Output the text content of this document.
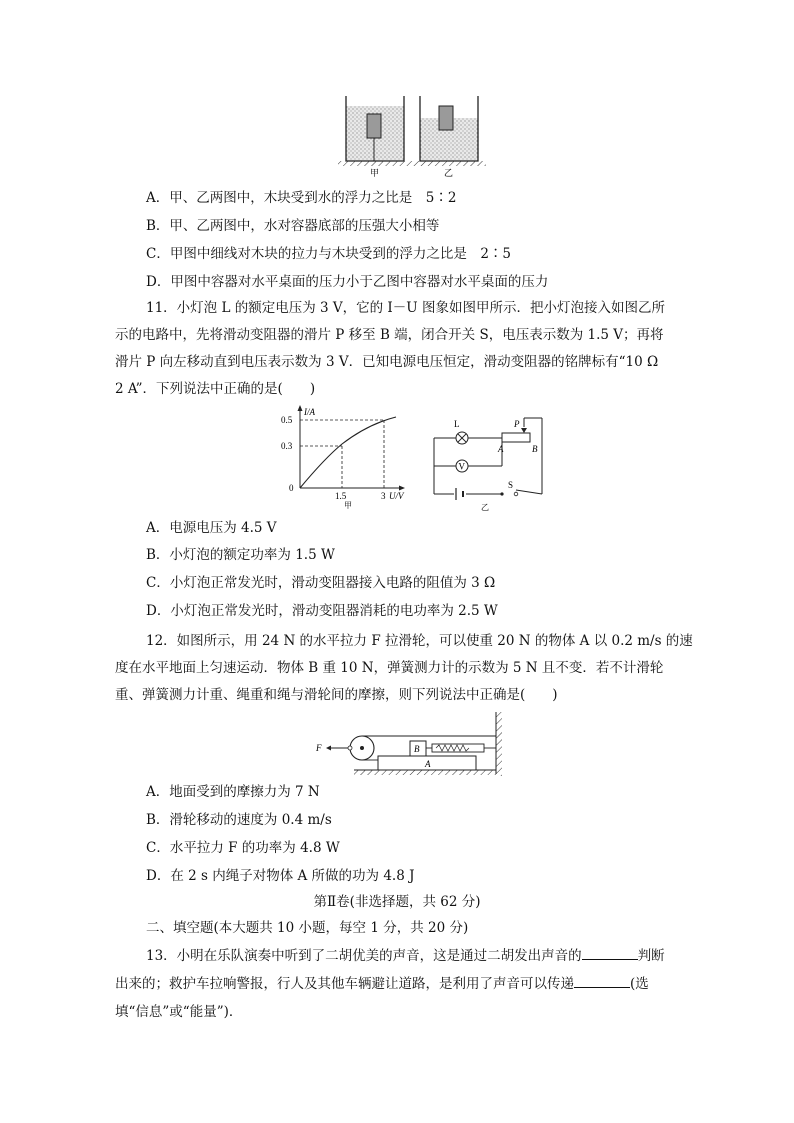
甲	乙
A．甲、乙两图中，木块受到水的浮力之比是　5∶2
B．甲、乙两图中，水对容器底部的压强大小相等
C．甲图中细线对木块的拉力与木块受到的浮力之比是　2∶5
D．甲图中容器对水平桌面的压力小于乙图中容器对水平桌面的压力
11．小灯泡 L 的额定电压为 3 V，它的 I－U 图象如图甲所示．把小灯泡接入如图乙所
示的电路中，先将滑动变阻器的滑片 P 移至 B 端，闭合开关 S，电压表示数为 1.5 V；再将
滑片 P 向左移动直到电压表示数为 3 V．已知电源电压恒定，滑动变阻器的铭牌标有“10 Ω
2 A”．下列说法中正确的是(　　)
I/A
0.5
0.3
0
1.5	3 U/V
甲
V
L	P
A	B
S
乙
A．电源电压为 4.5 V
B．小灯泡的额定功率为 1.5 W
C．小灯泡正常发光时，滑动变阻器接入电路的阻值为 3 Ω
D．小灯泡正常发光时，滑动变阻器消耗的电功率为 2.5 W
12．如图所示，用 24 N 的水平拉力 F 拉滑轮，可以使重 20 N 的物体 A 以 0.2 m/s 的速
度在水平地面上匀速运动．物体 B 重 10 N，弹簧测力计的示数为 5 N 且不变．若不计滑轮
重、弹簧测力计重、绳重和绳与滑轮间的摩擦，则下列说法中正确是(　　)
A
B
F
A．地面受到的摩擦力为 7 N
B．滑轮移动的速度为 0.4 m/s
C．水平拉力 F 的功率为 4.8 W
D．在 2 s 内绳子对物体 A 所做的功为 4.8 J
第Ⅱ卷(非选择题，共 62 分)
二、填空题(本大题共 10 小题，每空 1 分，共 20 分)
13．小明在乐队演奏中听到了二胡优美的声音，这是通过二胡发出声音的	判断
出来的；救护车拉响警报，行人及其他车辆避让道路，是利用了声音可以传递	(选
填“信息”或“能量”)．
